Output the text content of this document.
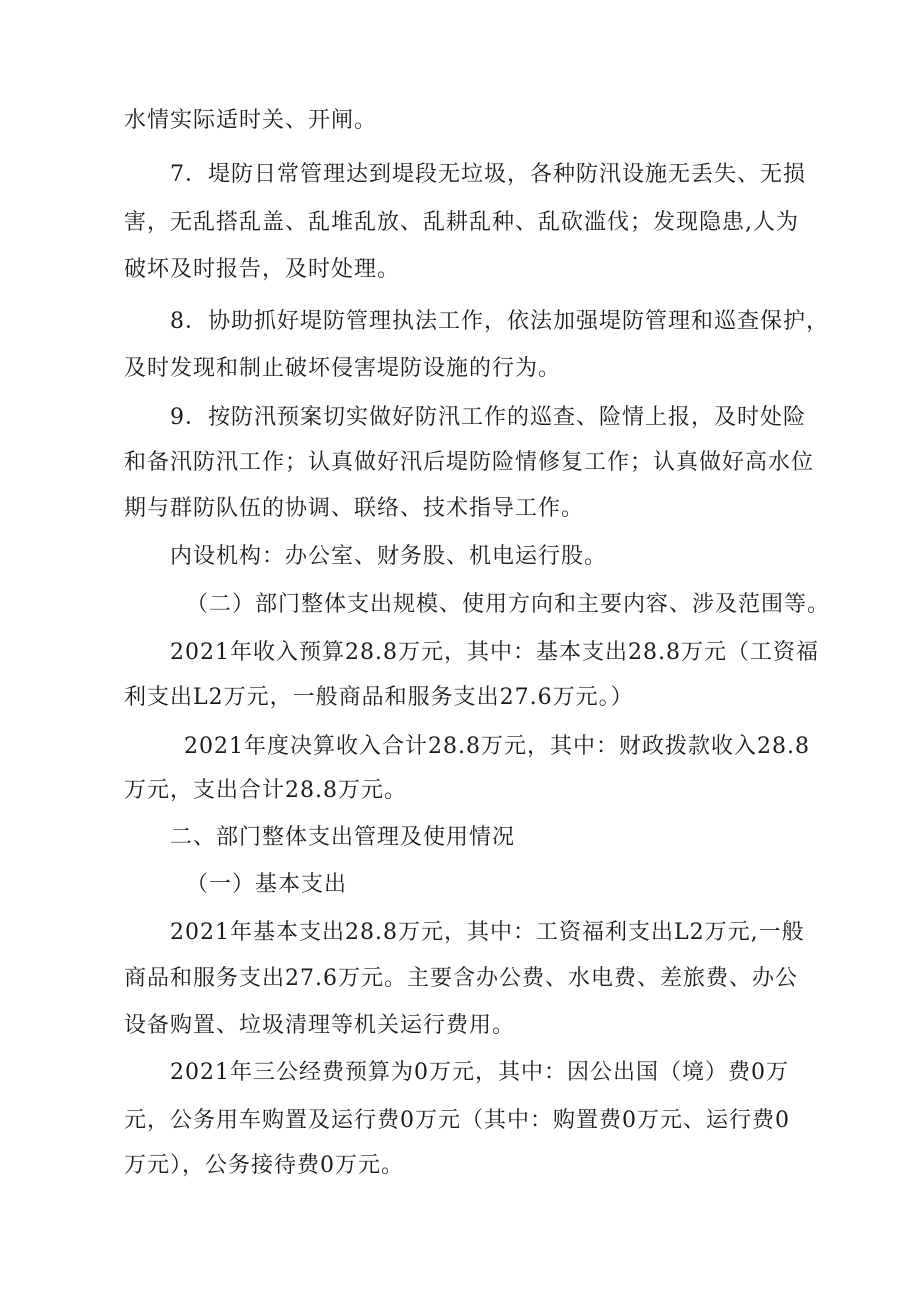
水情实际适时关、开闸。
7．堤防日常管理达到堤段无垃圾，各种防汛设施无丢失、无损
害，无乱搭乱盖、乱堆乱放、乱耕乱种、乱砍滥伐；发现隐患,人为
破坏及时报告，及时处理。
8．协助抓好堤防管理执法工作，依法加强堤防管理和巡查保护，
及时发现和制止破坏侵害堤防设施的行为。
9．按防汛预案切实做好防汛工作的巡查、险情上报，及时处险
和备汛防汛工作；认真做好汛后堤防险情修复工作；认真做好高水位
期与群防队伍的协调、联络、技术指导工作。
内设机构：办公室、财务股、机电运行股。
（二）部门整体支出规模、使用方向和主要内容、涉及范围等。
2021年收入预算28.8万元，其中：基本支出28.8万元（工资福
利支出L2万元，一般商品和服务支出27.6万元。）
2021年度决算收入合计28.8万元，其中：财政拨款收入28.8
万元，支出合计28.8万元。
二、部门整体支出管理及使用情况
（一）基本支出
2021年基本支出28.8万元，其中：工资福利支出L2万元,一般
商品和服务支出27.6万元。主要含办公费、水电费、差旅费、办公
设备购置、垃圾清理等机关运行费用。
2021年三公经费预算为0万元，其中：因公出国（境）费0万
元，公务用车购置及运行费0万元（其中：购置费0万元、运行费0
万元），公务接待费0万元。
